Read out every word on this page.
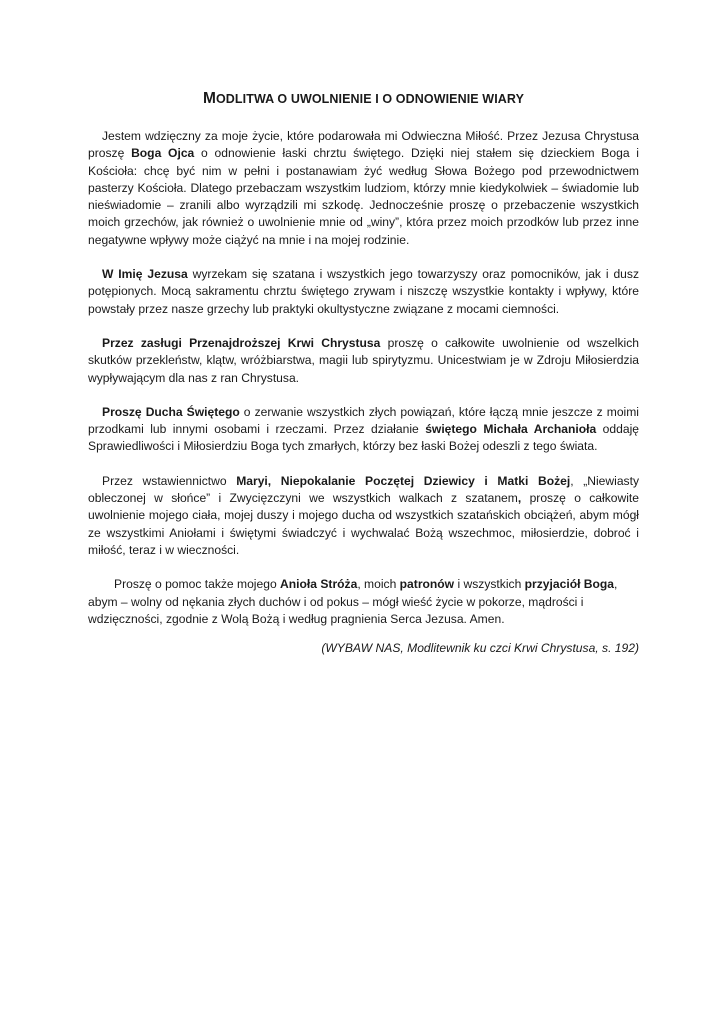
MODLITWA O UWOLNIENIE I O ODNOWIENIE WIARY

Jestem wdzięczny za moje życie, które podarowała mi Odwieczna Miłość. Przez Jezusa Chrystusa proszę Boga Ojca o odnowienie łaski chrztu świętego. Dzięki niej stałem się dzieckiem Boga i Kościoła: chcę być nim w pełni i postanawiam żyć według Słowa Bożego pod przewodnictwem pasterzy Kościoła. Dlatego przebaczam wszystkim ludziom, którzy mnie kiedykolwiek – świadomie lub nieświadomie – zranili albo wyrządzili mi szkodę. Jednocześnie proszę o przebaczenie wszystkich moich grzechów, jak również o uwolnienie mnie od „winy”, która przez moich przodków lub przez inne negatywne wpływy może ciążyć na mnie i na mojej rodzinie.

W Imię Jezusa wyrzekam się szatana i wszystkich jego towarzyszy oraz pomocników, jak i dusz potępionych. Mocą sakramentu chrztu świętego zrywam i niszczę wszystkie kontakty i wpływy, które powstały przez nasze grzechy lub praktyki okultystyczne związane z mocami ciemności.

Przez zasługi Przenajdroższej Krwi Chrystusa proszę o całkowite uwolnienie od wszelkich skutków przekleństw, klątw, wróżbiarstwa, magii lub spirytyzmu. Unicestwiam je w Zdroju Miłosierdzia wypływającym dla nas z ran Chrystusa.

Proszę Ducha Świętego o zerwanie wszystkich złych powiązań, które łączą mnie jeszcze z moimi przodkami lub innymi osobami i rzeczami. Przez działanie świętego Michała Archanioła oddaję Sprawiedliwości i Miłosierdziu Boga tych zmarłych, którzy bez łaski Bożej odeszli z tego świata.

Przez wstawiennictwo Maryi, Niepokalanie Poczętej Dziewicy i Matki Bożej, „Niewiasty obleczonej w słońce” i Zwycięzczyni we wszystkich walkach z szatanem, proszę o całkowite uwolnienie mojego ciała, mojej duszy i mojego ducha od wszystkich szatańskich obciążeń, abym mógł ze wszystkimi Aniołami i świętymi świadczyć i wychwalać Bożą wszechmoc, miłosierdzie, dobroć i miłość, teraz i w wieczności.

Proszę o pomoc także mojego Anioła Stróża, moich patronów i wszystkich przyjaciół Boga, abym – wolny od nękania złych duchów i od pokus – mógł wieść życie w pokorze, mądrości i wdzięczności, zgodnie z Wolą Bożą i według pragnienia Serca Jezusa. Amen.

(WYBAW NAS, Modlitewnik ku czci Krwi Chrystusa, s. 192)
